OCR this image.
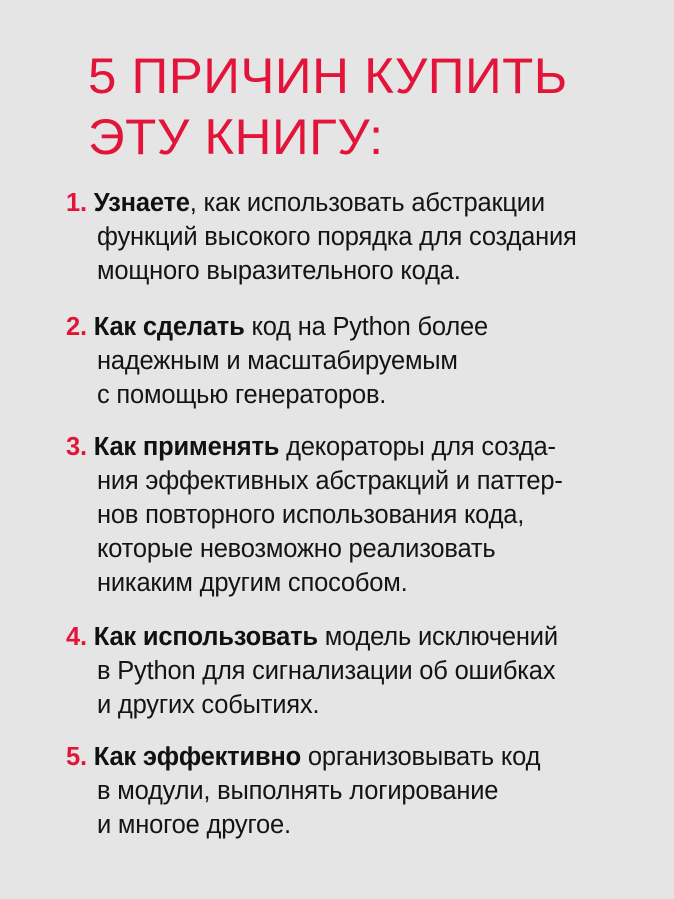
5 ПРИЧИН КУПИТЬ
ЭТУ КНИГУ:
1. Узнаете, как использовать абстракции
функций высокого порядка для создания
мощного выразительного кода.
2. Как сделать код на Python более
надежным и масштабируемым
с помощью генераторов.
3. Как применять декораторы для созда-
ния эффективных абстракций и паттер-
нов повторного использования кода,
которые невозможно реализовать
никаким другим способом.
4. Как использовать модель исключений
в Python для сигнализации об ошибках
и других событиях.
5. Как эффективно организовывать код
в модули, выполнять логирование
и многое другое.
